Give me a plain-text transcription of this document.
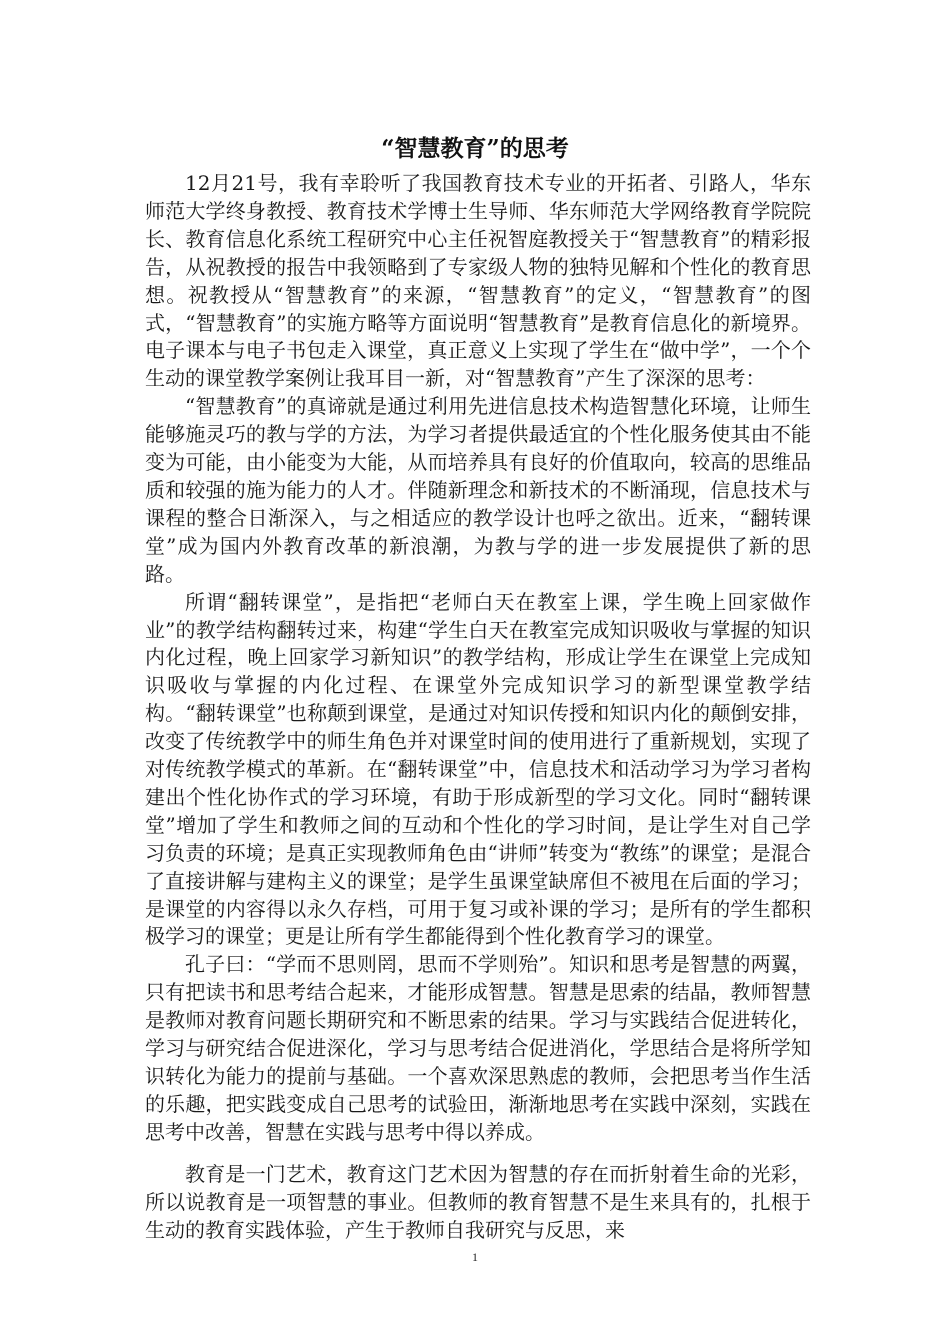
“智慧教育”的思考

12月21号，我有幸聆听了我国教育技术专业的开拓者、引路人，华东师范大学终身教授、教育技术学博士生导师、华东师范大学网络教育学院院长、教育信息化系统工程研究中心主任祝智庭教授关于“智慧教育”的精彩报告，从祝教授的报告中我领略到了专家级人物的独特见解和个性化的教育思想。祝教授从“智慧教育”的来源，“智慧教育”的定义，“智慧教育”的图式，“智慧教育”的实施方略等方面说明“智慧教育”是教育信息化的新境界。电子课本与电子书包走入课堂，真正意义上实现了学生在“做中学”，一个个生动的课堂教学案例让我耳目一新，对“智慧教育”产生了深深的思考：

“智慧教育”的真谛就是通过利用先进信息技术构造智慧化环境，让师生能够施灵巧的教与学的方法，为学习者提供最适宜的个性化服务使其由不能变为可能，由小能变为大能，从而培养具有良好的价值取向，较高的思维品质和较强的施为能力的人才。伴随新理念和新技术的不断涌现，信息技术与课程的整合日渐深入，与之相适应的教学设计也呼之欲出。近来，“翻转课堂”成为国内外教育改革的新浪潮，为教与学的进一步发展提供了新的思路。

所谓“翻转课堂”，是指把“老师白天在教室上课，学生晚上回家做作业”的教学结构翻转过来，构建“学生白天在教室完成知识吸收与掌握的知识内化过程，晚上回家学习新知识”的教学结构，形成让学生在课堂上完成知识吸收与掌握的内化过程、在课堂外完成知识学习的新型课堂教学结构。“翻转课堂”也称颠到课堂，是通过对知识传授和知识内化的颠倒安排，改变了传统教学中的师生角色并对课堂时间的使用进行了重新规划，实现了对传统教学模式的革新。在“翻转课堂”中，信息技术和活动学习为学习者构建出个性化协作式的学习环境，有助于形成新型的学习文化。同时“翻转课堂”增加了学生和教师之间的互动和个性化的学习时间，是让学生对自己学习负责的环境；是真正实现教师角色由“讲师”转变为“教练”的课堂；是混合了直接讲解与建构主义的课堂；是学生虽课堂缺席但不被甩在后面的学习；是课堂的内容得以永久存档，可用于复习或补课的学习；是所有的学生都积极学习的课堂；更是让所有学生都能得到个性化教育学习的课堂。

孔子曰：“学而不思则罔，思而不学则殆”。知识和思考是智慧的两翼，只有把读书和思考结合起来，才能形成智慧。智慧是思索的结晶，教师智慧是教师对教育问题长期研究和不断思索的结果。学习与实践结合促进转化，学习与研究结合促进深化，学习与思考结合促进消化，学思结合是将所学知识转化为能力的提前与基础。一个喜欢深思熟虑的教师，会把思考当作生活的乐趣，把实践变成自己思考的试验田，渐渐地思考在实践中深刻，实践在思考中改善，智慧在实践与思考中得以养成。

教育是一门艺术，教育这门艺术因为智慧的存在而折射着生命的光彩，所以说教育是一项智慧的事业。但教师的教育智慧不是生来具有的，扎根于生动的教育实践体验，产生于教师自我研究与反思，来

1
